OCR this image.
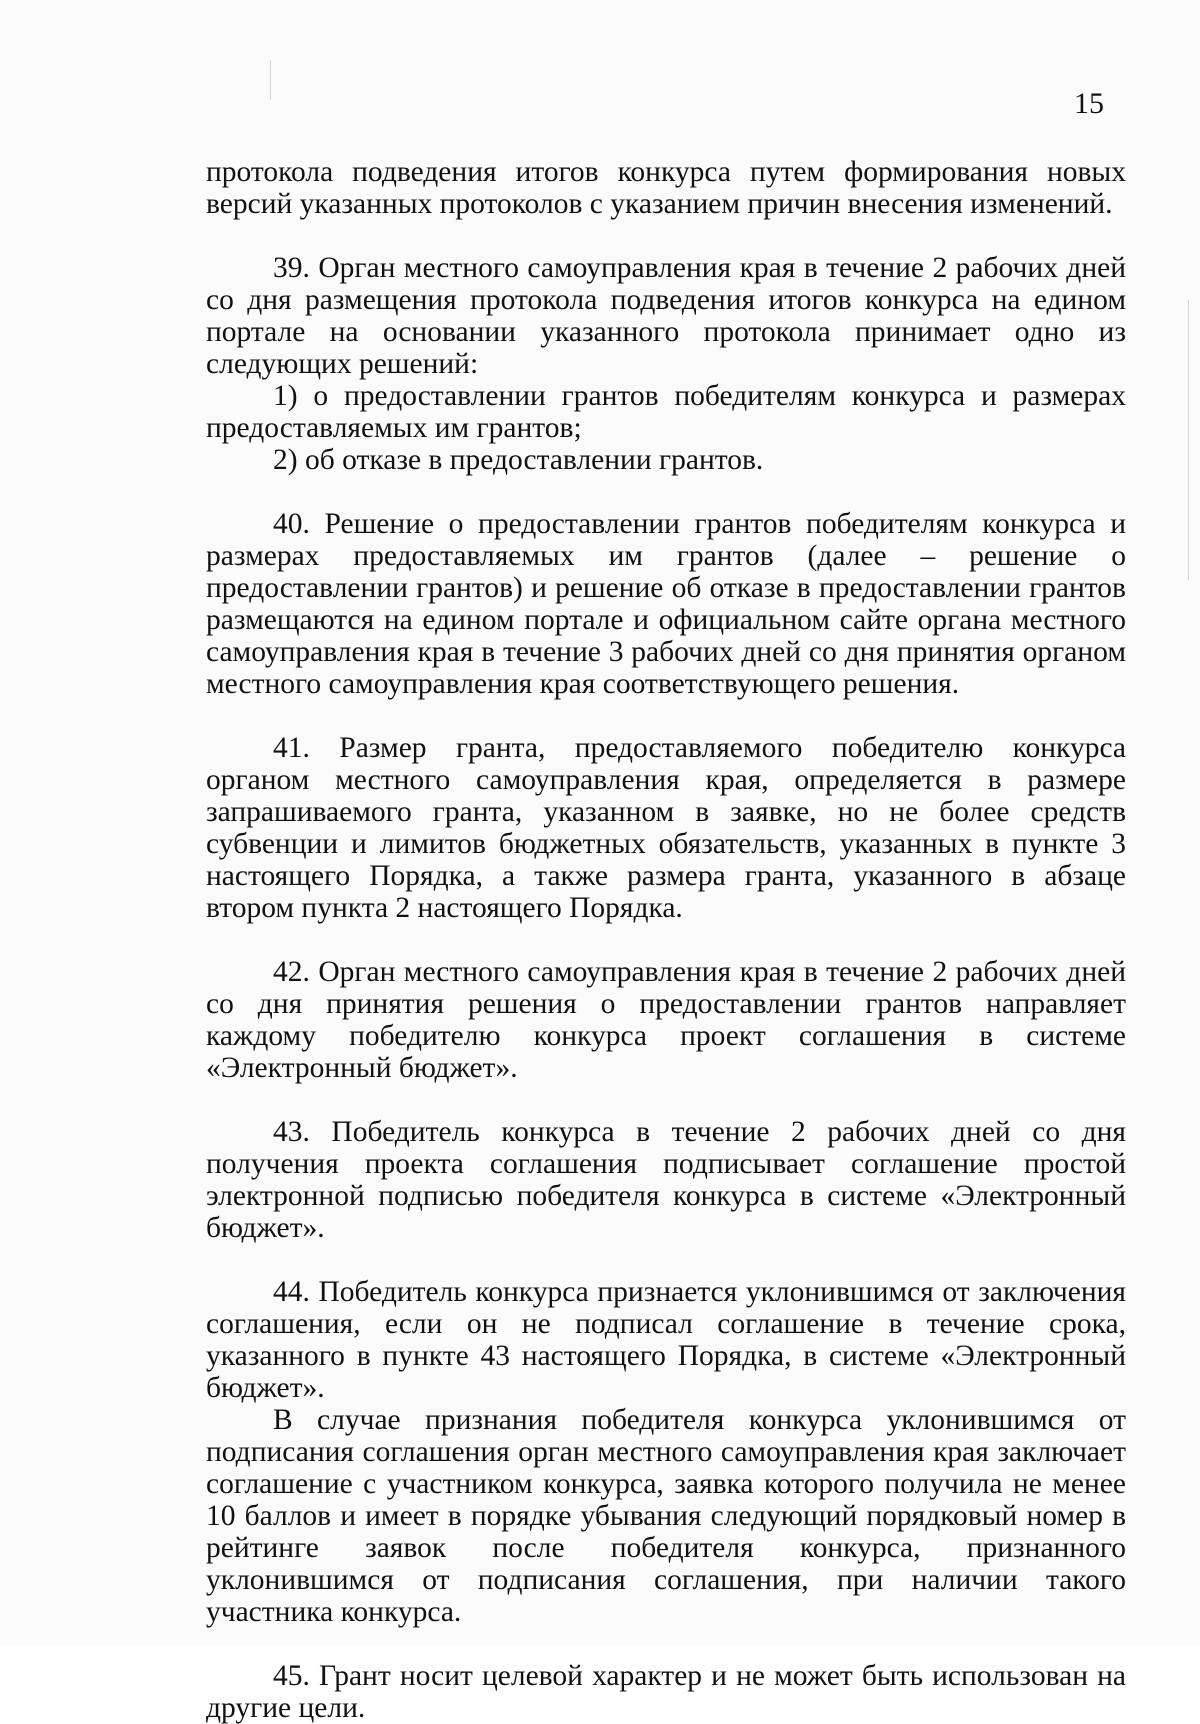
15

протокола подведения итогов конкурса путем формирования новых версий указанных протоколов с указанием причин внесения изменений.

39. Орган местного самоуправления края в течение 2 рабочих дней со дня размещения протокола подведения итогов конкурса на едином портале на основании указанного протокола принимает одно из следующих решений:

1) о предоставлении грантов победителям конкурса и размерах предоставляемых им грантов;

2) об отказе в предоставлении грантов.

40. Решение о предоставлении грантов победителям конкурса и размерах предоставляемых им грантов (далее – решение о предоставлении грантов) и решение об отказе в предоставлении грантов размещаются на едином портале и официальном сайте органа местного самоуправления края в течение 3 рабочих дней со дня принятия органом местного самоуправления края соответствующего решения.

41. Размер гранта, предоставляемого победителю конкурса органом местного самоуправления края, определяется в размере запрашиваемого гранта, указанном в заявке, но не более средств субвенции и лимитов бюджетных обязательств, указанных в пункте 3 настоящего Порядка, а также размера гранта, указанного в абзаце втором пункта 2 настоящего Порядка.

42. Орган местного самоуправления края в течение 2 рабочих дней со дня принятия решения о предоставлении грантов направляет каждому победителю конкурса проект соглашения в системе «Электронный бюджет».

43. Победитель конкурса в течение 2 рабочих дней со дня получения проекта соглашения подписывает соглашение простой электронной подписью победителя конкурса в системе «Электронный бюджет».

44. Победитель конкурса признается уклонившимся от заключения соглашения, если он не подписал соглашение в течение срока, указанного в пункте 43 настоящего Порядка, в системе «Электронный бюджет».

В случае признания победителя конкурса уклонившимся от подписания соглашения орган местного самоуправления края заключает соглашение с участником конкурса, заявка которого получила не менее 10 баллов и имеет в порядке убывания следующий порядковый номер в рейтинге заявок после победителя конкурса, признанного уклонившимся от подписания соглашения, при наличии такого участника конкурса.

45. Грант носит целевой характер и не может быть использован на другие цели.
